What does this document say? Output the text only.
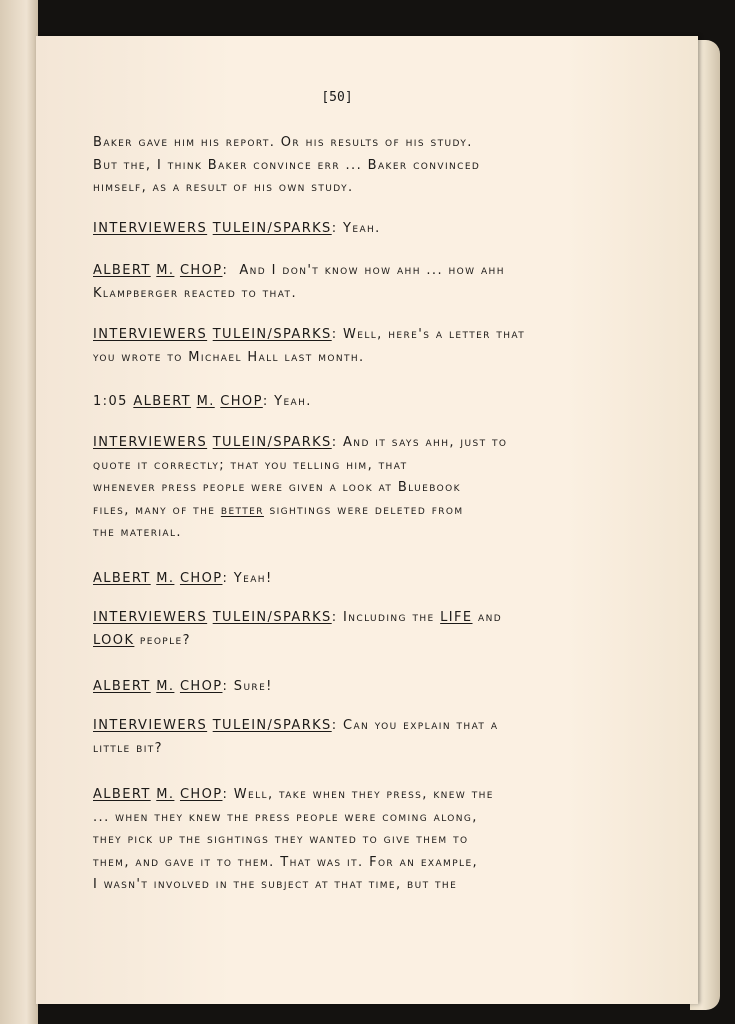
[50]
Baker gave him his report. Or his results of his study.
But the, I think Baker convince err ... Baker convinced
himself, as a result of his own study.
INTERVIEWERS TULEIN/SPARKS: Yeah.
ALBERT M. CHOP:  And I don't know how ahh ... how ahh
Klampberger reacted to that.
INTERVIEWERS TULEIN/SPARKS: Well, here's a letter that
you wrote to Michael Hall last month.
1:05 ALBERT M. CHOP: Yeah.
INTERVIEWERS TULEIN/SPARKS: And it says ahh, just to
quote it correctly; that you telling him, that
whenever press people were given a look at Bluebook
files, many of the better sightings were deleted from
the material.
ALBERT M. CHOP: Yeah!
INTERVIEWERS TULEIN/SPARKS: Including the LIFE and
LOOK people?
ALBERT M. CHOP: Sure!
INTERVIEWERS TULEIN/SPARKS: Can you explain that a
little bit?
ALBERT M. CHOP: Well, take when they press, knew the
... when they knew the press people were coming along,
they pick up the sightings they wanted to give them to
them, and gave it to them. That was it. For an example,
I wasn't involved in the subject at that time, but the
